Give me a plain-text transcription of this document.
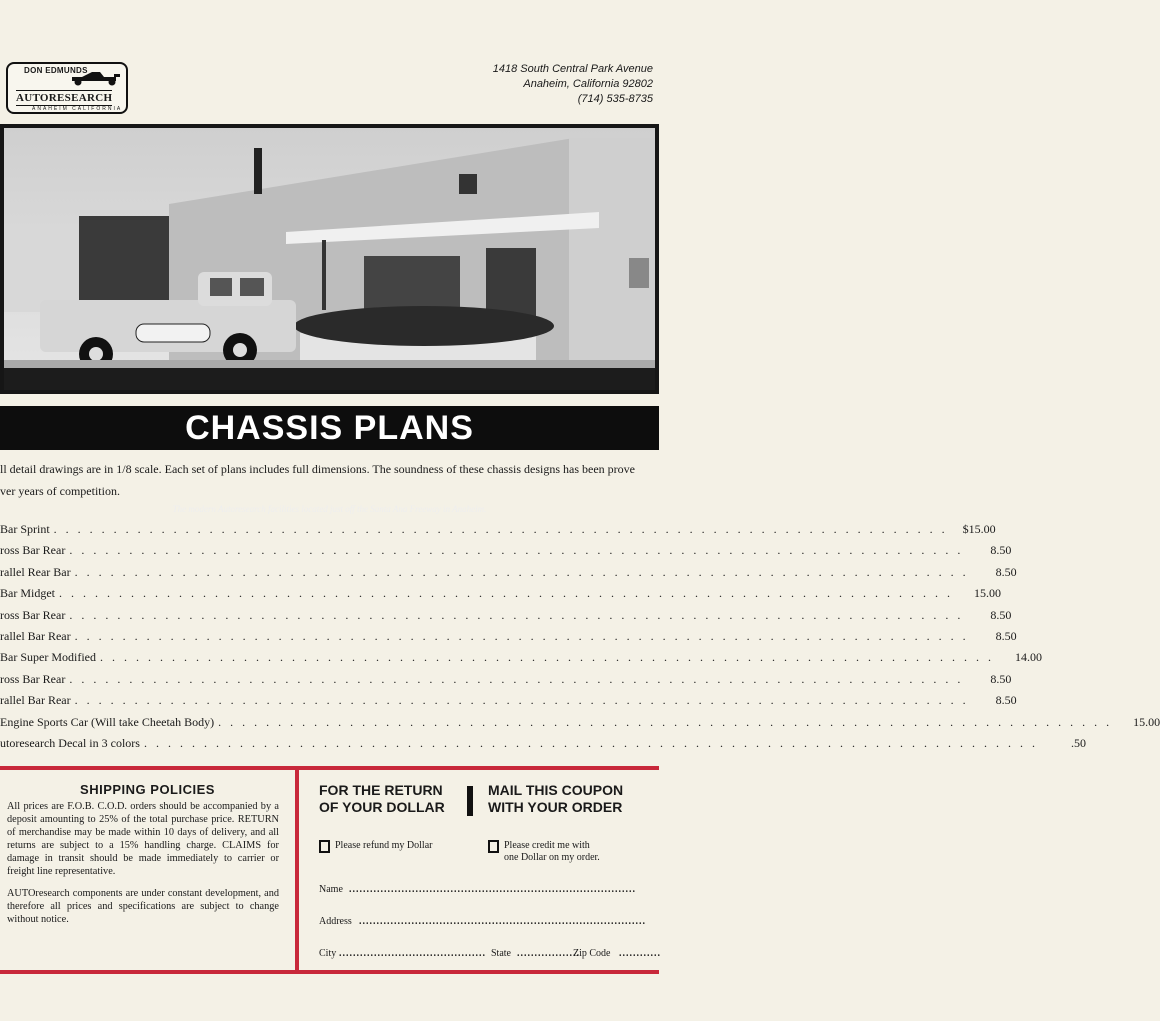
DON EDMUNDS
AUTORESEARCH
ANAHEIM CALIFORNIA
1418 South Central Park Avenue
Anaheim, California 92802
(714) 535-8735
The modern Autoresearch facilities located just off the Santa Ana Freeway in Anaheim.
CHASSIS PLANS
ll detail drawings are in 1/8 scale. Each set of plans includes full dimensions. The soundness of these chassis designs has been prove
ver years of competition.
Bar Sprint . . .	$15.00
ross Bar Rear . . .	8.50
rallel Rear Bar . . .	8.50
Bar Midget . . .	15.00
ross Bar Rear . . .	8.50
rallel Bar Rear . . .	8.50
Bar Super Modified . . .	14.00
ross Bar Rear . . .	8.50
rallel Bar Rear . . .	8.50
Engine Sports Car (Will take Cheetah Body) . . .	15.00
utoresearch Decal in 3 colors . . .	.50
SHIPPING POLICIES

All prices are F.O.B. C.O.D. orders should be accompanied by a deposit amounting to 25% of the total purchase price. RETURN of merchandise may be made within 10 days of delivery, and all returns are subject to a 15% handling charge. CLAIMS for damage in transit should be made immediately to carrier or freight line representative.

AUTOresearch components are under constant development, and therefore all prices and specifications are subject to change without notice.

FOR THE RETURN
OF YOUR DOLLAR
MAIL THIS COUPON
WITH YOUR ORDER
Please refund my Dollar	Please credit me with
one Dollar on my order.
Name ..................................................................................
Address ..................................................................................
City .......................................... State ..................
Zip Code ............
